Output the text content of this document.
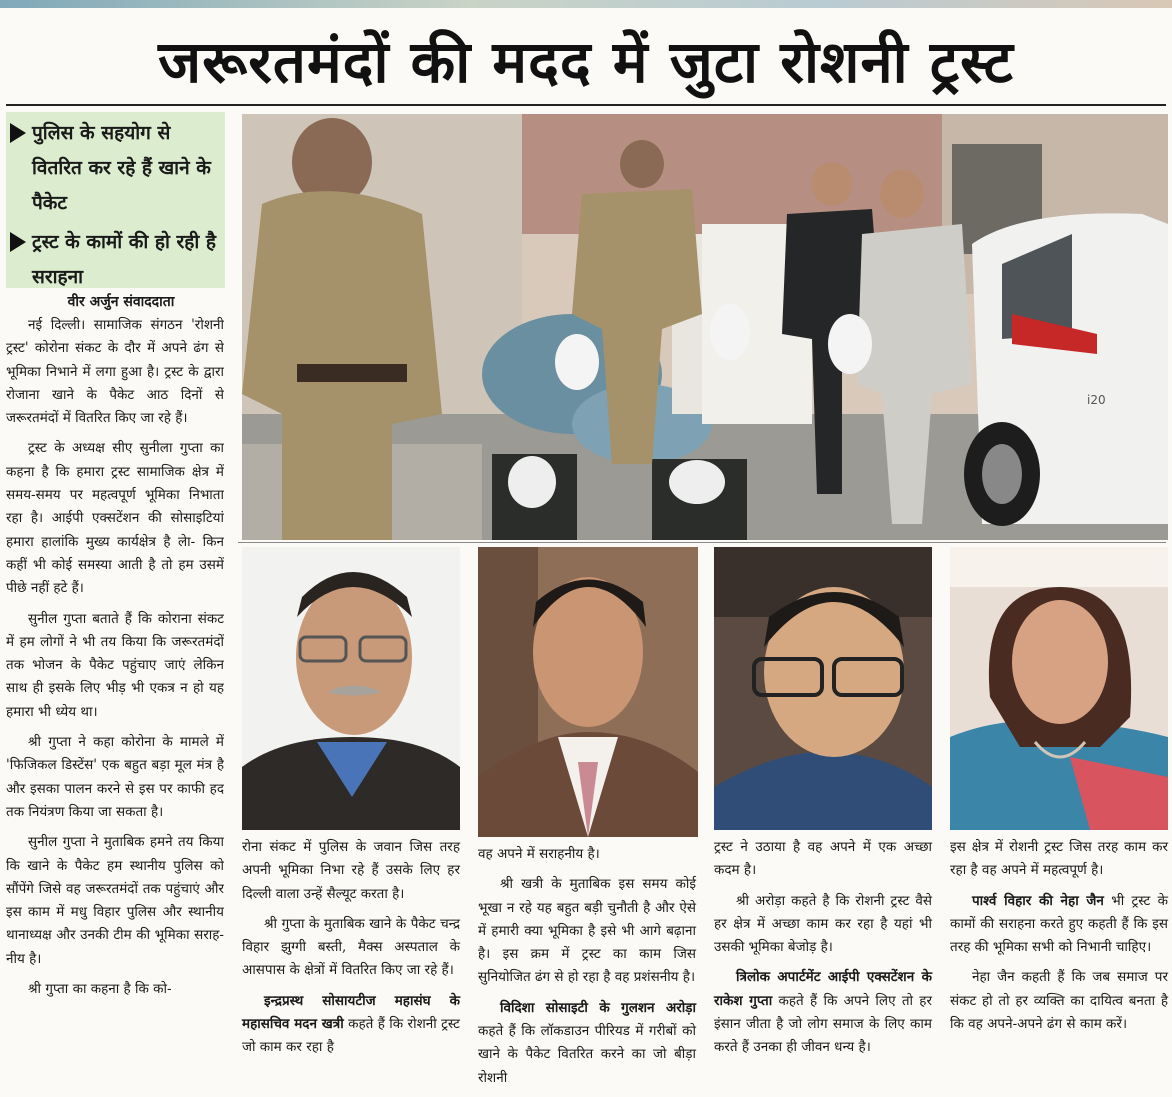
जरूरतमंदों की मदद में जुटा रोशनी ट्रस्ट
पुलिस के सहयोग से वितरित कर रहे हैं खाने के पैकेट
ट्रस्ट के कामों की हो रही है सराहना
वीर अर्जुन संवाददाता

नई दिल्ली। सामाजिक संगठन 'रोशनी ट्रस्ट' कोरोना संकट के दौर में अपने ढंग से भूमिका निभाने में लगा हुआ है। ट्रस्ट के द्वारा रोजाना खाने के पैकेट आठ दिनों से जरूरतमंदों में वितरित किए जा रहे हैं।

ट्रस्ट के अध्यक्ष सीए सुनीला गुप्ता का कहना है कि हमारा ट्रस्ट सामाजिक क्षेत्र में समय-समय पर महत्वपूर्ण भूमिका निभाता रहा है। आईपी एक्सटेंशन की सोसाइटियां हमारा हालांकि मुख्य कार्यक्षेत्र है लेा- किन कहीं भी कोई समस्या आती है तो हम उसमें पीछे नहीं हटे हैं।

सुनील गुप्ता बताते हैं कि कोराना संकट में हम लोगों ने भी तय किया कि जरूरतमंदों तक भोजन के पैकेट पहुंचाए जाएं लेकिन साथ ही इसके लिए भीड़ भी एकत्र न हो यह हमारा भी ध्येय था।

श्री गुप्ता ने कहा कोरोना के मामले में 'फिजिकल डिस्टेंस' एक बहुत बड़ा मूल मंत्र है और इसका पालन करने से इस पर काफी हद तक नियंत्रण किया जा सकता है।

सुनील गुप्ता ने मुताबिक हमने तय किया कि खाने के पैकेट हम स्थानीय पुलिस को सौंपेंगे जिसे वह जरूरतमंदों तक पहुंचाएं और इस काम में मधु विहार पुलिस और स्थानीय थानाध्यक्ष और उनकी टीम की भूमिका सराह- नीय है।

श्री गुप्ता का कहना है कि को-

i20

रोना संकट में पुलिस के जवान जिस तरह अपनी भूमिका निभा रहे हैं उसके लिए हर दिल्ली वाला उन्हें सैल्यूट करता है।

श्री गुप्ता के मुताबिक खाने के पैकेट चन्द्र विहार झुग्गी बस्ती, मैक्स अस्पताल के आसपास के क्षेत्रों में वितरित किए जा रहे हैं।

इन्द्रप्रस्थ सोसायटीज महासंघ के महासचिव मदन खत्री कहते हैं कि रोशनी ट्रस्ट जो काम कर रहा है

वह अपने में सराहनीय है।

श्री खत्री के मुताबिक इस समय कोई भूखा न रहे यह बहुत बड़ी चुनौती है और ऐसे में हमारी क्या भूमिका है इसे भी आगे बढ़ाना है। इस क्रम में ट्रस्ट का काम जिस सुनियोजित ढंग से हो रहा है वह प्रशंसनीय है।

विदिशा सोसाइटी के गुलशन अरोड़ा कहते हैं कि लॉकडाउन पीरियड में गरीबों को खाने के पैकेट वितरित करने का जो बीड़ा रोशनी

ट्रस्ट ने उठाया है वह अपने में एक अच्छा कदम है।

श्री अरोड़ा कहते है कि रोशनी ट्रस्ट वैसे हर क्षेत्र में अच्छा काम कर रहा है यहां भी उसकी भूमिका बेजोड़ है।

त्रिलोक अपार्टमेंट आईपी एक्सटेंशन के राकेश गुप्ता कहते हैं कि अपने लिए तो हर इंसान जीता है जो लोग समाज के लिए काम करते हैं उनका ही जीवन धन्य है।

इस क्षेत्र में रोशनी ट्रस्ट जिस तरह काम कर रहा है वह अपने में महत्वपूर्ण है।

पार्श्व विहार की नेहा जैन भी ट्रस्ट के कामों की सराहना करते हुए कहती हैं कि इस तरह की भूमिका सभी को निभानी चाहिए।

नेहा जैन कहती हैं कि जब समाज पर संकट हो तो हर व्यक्ति का दायित्व बनता है कि वह अपने-अपने ढंग से काम करें।
